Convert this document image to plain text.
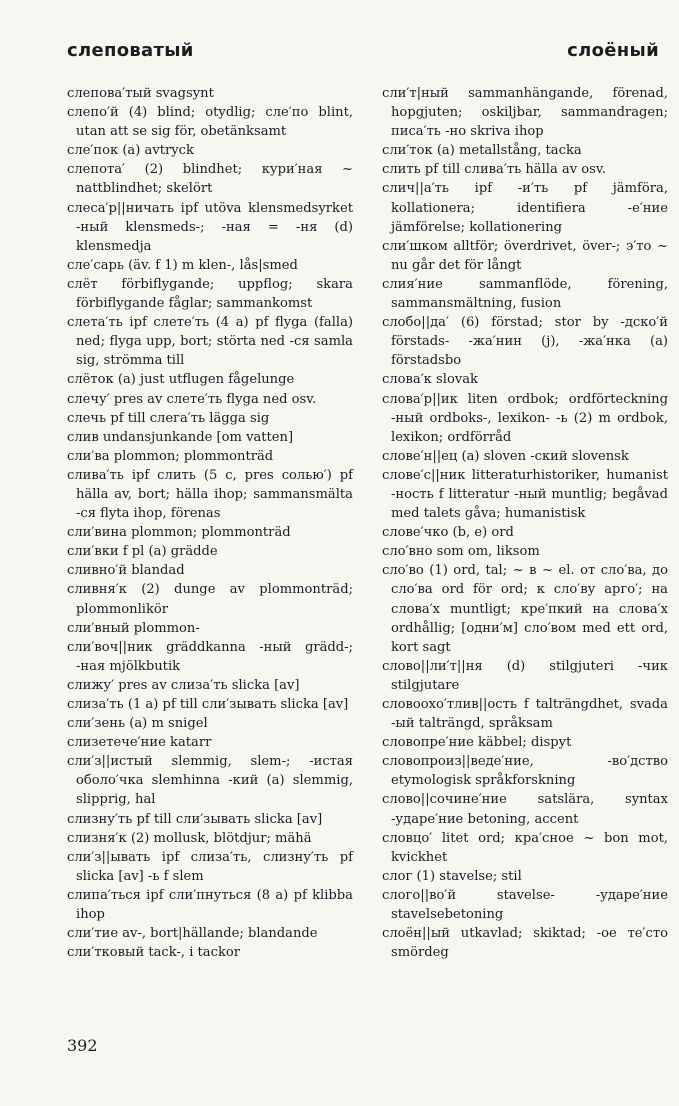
слеповатый	слоёный

слепова′тый svagsynt

слепо′й (4) blind; otydlig; сле′по blint, utan att se sig för, obetänksamt

сле′пок (a) avtryck

слепота′ (2) blindhet; кури′ная ~ nattblindhet; skelört

слеса′р||ничать ipf utöva klensmedsyrket -ный klensmeds-; -ная = -ня (d) klensmedja

сле′сарь (äv. f 1) m klen-, lås|smed

слёт förbiflygande; uppflog; skara förbiflygande fåglar; sammankomst

слета′ть ipf слете′ть (4 a) pf flyga (falla) ned; flyga upp, bort; störta ned -ся samla sig, strömma till

слёток (a) just utflugen fågelunge

слечу′ pres av слете′ть flyga ned osv.

слечь pf till слега′ть lägga sig

слив undansjunkande [om vatten]

сли′ва plommon; plommonträd

слива′ть ipf слить (5 c, pres солью′) pf hälla av, bort; hälla ihop; sammansmälta -ся flyta ihop, förenas

сли′вина plommon; plommonträd

сли′вки f pl (a) grädde

сливно′й blandad

сливня′к (2) dunge av plommonträd; plommonlikör

сли′вный plommon-

сли′воч||ник gräddkanna -ный grädd-; -ная mjölkbutik

слижу′ pres av слиза′ть slicka [av]

слиза′ть (1 a) pf till сли′зывать slicka [av]

сли′зень (a) m snigel

слизетече′ние katarr

сли′з||истый slemmig, slem-; -истая оболо′чка slemhinna -кий (a) slemmig, slipprig, hal

слизну′ть pf till сли′зывать slicka [av]

слизня′к (2) mollusk, blötdjur; mähä

сли′з||ывать ipf слиза′ть, слизну′ть pf slicka [av] -ь f slem

слипа′ться ipf сли′пнуться (8 a) pf klibba ihop

сли′тие av-, bort|hällande; blandande

сли′тковый tack-, i tackor

сли′т|ный sammanhängande, förenad, hopgjuten; oskiljbar, sammandragen; писа′ть -но skriva ihop

сли′ток (a) metallstång, tacka

слить pf till слива′ть hälla av osv.

слич||а′ть ipf -и′ть pf jämföra, kollationera; identifiera -е′ние jämförelse; kollationering

сли′шком alltför; överdrivet, över-; э′то ~ nu går det för långt

слия′ние sammanflöde, förening, sammansmältning, fusion

слобо||да′ (6) förstad; stor by -дско′й förstads- -жа′нин (j), -жа′нка (a) förstadsbo

слова′к slovak

слова′р||ик liten ordbok; ordförteckning -ный ordboks-, lexikon- -ь (2) m ordbok, lexikon; ordförråd

слове′н||ец (a) sloven -ский slovensk

слове′с||ник litteraturhistoriker, humanist -ность f litteratur -ный muntlig; begåvad med talets gåva; humanistisk

слове′чко (b, e) ord

сло′вно som om, liksom

сло′во (1) ord, tal; ~ в ~ el. от сло′ва, до сло′ва ord för ord; к сло′ву арго′; на слова′х muntligt; кре′пкий на слова′х ordhållig; [одни′м] сло′вом med ett ord, kort sagt

слово||ли′т||ня (d) stilgjuteri -чик stilgjutare

словоохо′тлив||ость f talträngdhet, svada -ый talträngd, språksam

словопре′ние käbbel; dispyt

словопроиз||веде′ние, -во′дство etymologisk språkforskning

слово||сочине′ние satslära, syntax -ударе′ние betoning, accent

словцо′ litet ord; кра′сное ~ bon mot, kvickhet

слог (1) stavelse; stil

слого||во′й stavelse- -ударе′ние stavelsebetoning

слоён||ый utkavlad; skiktad; -ое те′сто smördeg

392
